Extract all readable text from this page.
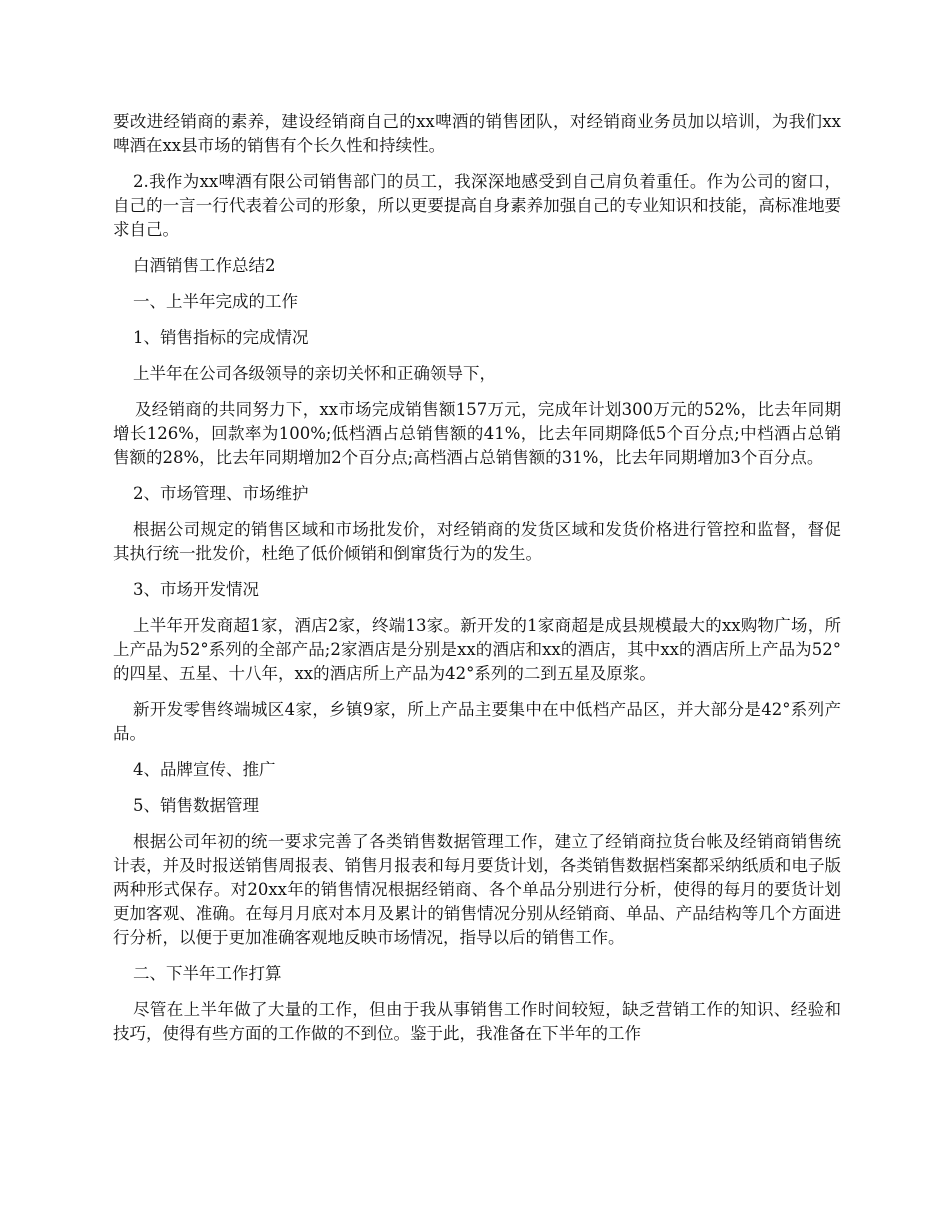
要改进经销商的素养，建设经销商自己的xx啤酒的销售团队，对经销商业务员加以培训，为我们xx啤酒在xx县市场的销售有个长久性和持续性。

2.我作为xx啤酒有限公司销售部门的员工，我深深地感受到自己肩负着重任。作为公司的窗口，自己的一言一行代表着公司的形象，所以更要提高自身素养加强自己的专业知识和技能，高标准地要求自己。

白酒销售工作总结2

一、上半年完成的工作

1、销售指标的完成情况

上半年在公司各级领导的亲切关怀和正确领导下，

及经销商的共同努力下，xx市场完成销售额157万元，完成年计划300万元的52%，比去年同期增长126%，回款率为100%;低档酒占总销售额的41%，比去年同期降低5个百分点;中档酒占总销售额的28%，比去年同期增加2个百分点;高档酒占总销售额的31%，比去年同期增加3个百分点。

2、市场管理、市场维护

根据公司规定的销售区域和市场批发价，对经销商的发货区域和发货价格进行管控和监督，督促其执行统一批发价，杜绝了低价倾销和倒窜货行为的发生。

3、市场开发情况

上半年开发商超1家，酒店2家，终端13家。新开发的1家商超是成县规模最大的xx购物广场，所上产品为52°系列的全部产品;2家酒店是分别是xx的酒店和xx的酒店，其中xx的酒店所上产品为52°的四星、五星、十八年，xx的酒店所上产品为42°系列的二到五星及原浆。

新开发零售终端城区4家，乡镇9家，所上产品主要集中在中低档产品区，并大部分是42°系列产品。

4、品牌宣传、推广

5、销售数据管理

根据公司年初的统一要求完善了各类销售数据管理工作，建立了经销商拉货台帐及经销商销售统计表，并及时报送销售周报表、销售月报表和每月要货计划，各类销售数据档案都采纳纸质和电子版两种形式保存。对20xx年的销售情况根据经销商、各个单品分别进行分析，使得的每月的要货计划更加客观、准确。在每月月底对本月及累计的销售情况分别从经销商、单品、产品结构等几个方面进行分析，以便于更加准确客观地反映市场情况，指导以后的销售工作。

二、下半年工作打算

尽管在上半年做了大量的工作，但由于我从事销售工作时间较短，缺乏营销工作的知识、经验和技巧，使得有些方面的工作做的不到位。鉴于此，我准备在下半年的工作
